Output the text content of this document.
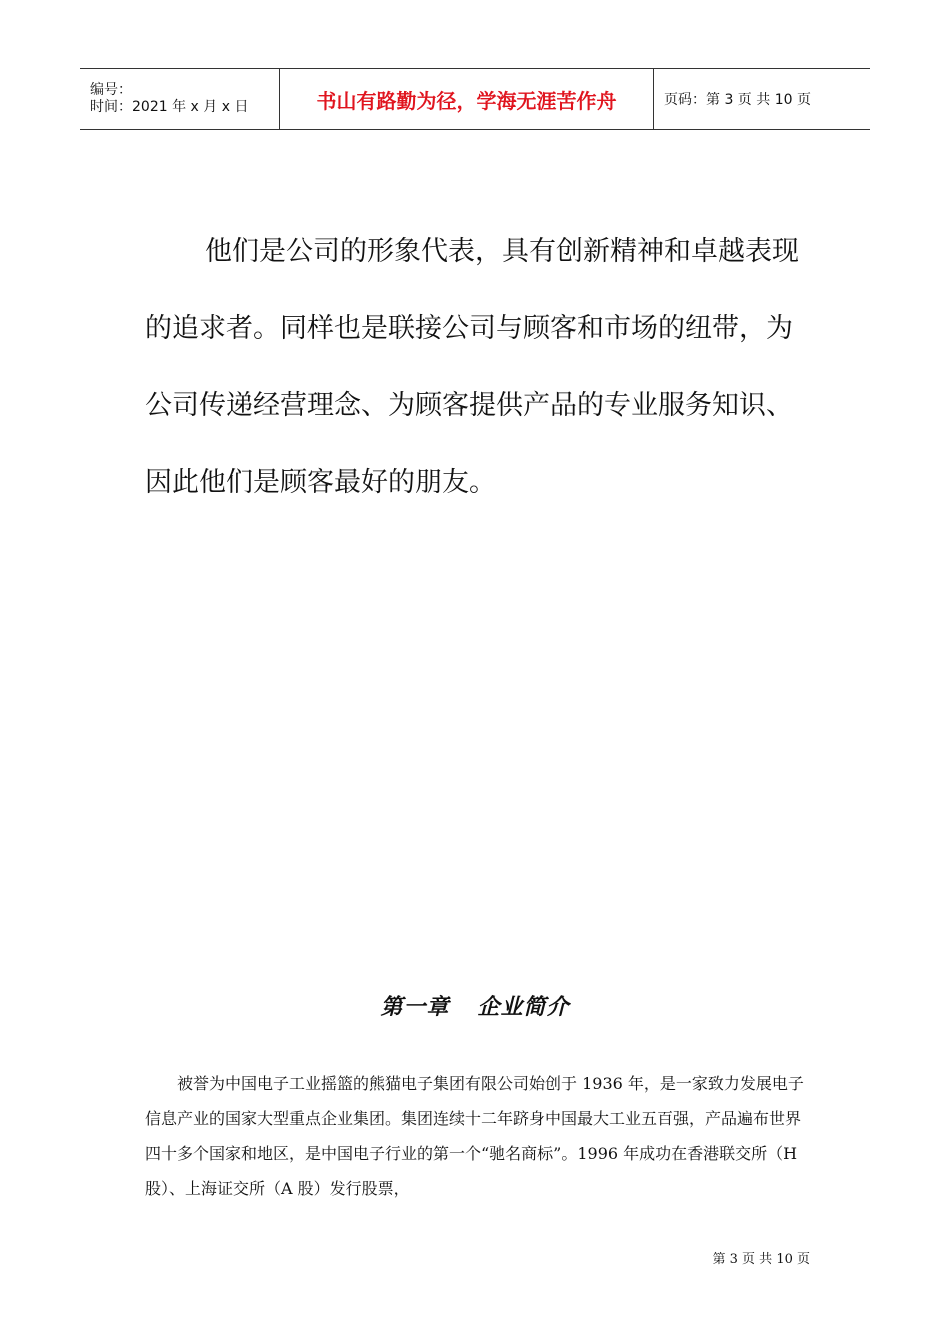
编号：
时间：2021 年 x 月 x 日	书山有路勤为径，学海无涯苦作舟	页码：第 3 页 共 10 页

他们是公司的形象代表，具有创新精神和卓越表现的追求者。同样也是联接公司与顾客和市场的纽带，为公司传递经营理念、为顾客提供产品的专业服务知识、因此他们是顾客最好的朋友。

第一章 企业简介

被誉为中国电子工业摇篮的熊猫电子集团有限公司始创于 1936 年，是一家致力发展电子信息产业的国家大型重点企业集团。集团连续十二年跻身中国最大工业五百强，产品遍布世界四十多个国家和地区，是中国电子行业的第一个“驰名商标”。1996 年成功在香港联交所（H 股）、上海证交所（A 股）发行股票，

第 3 页 共 10 页
